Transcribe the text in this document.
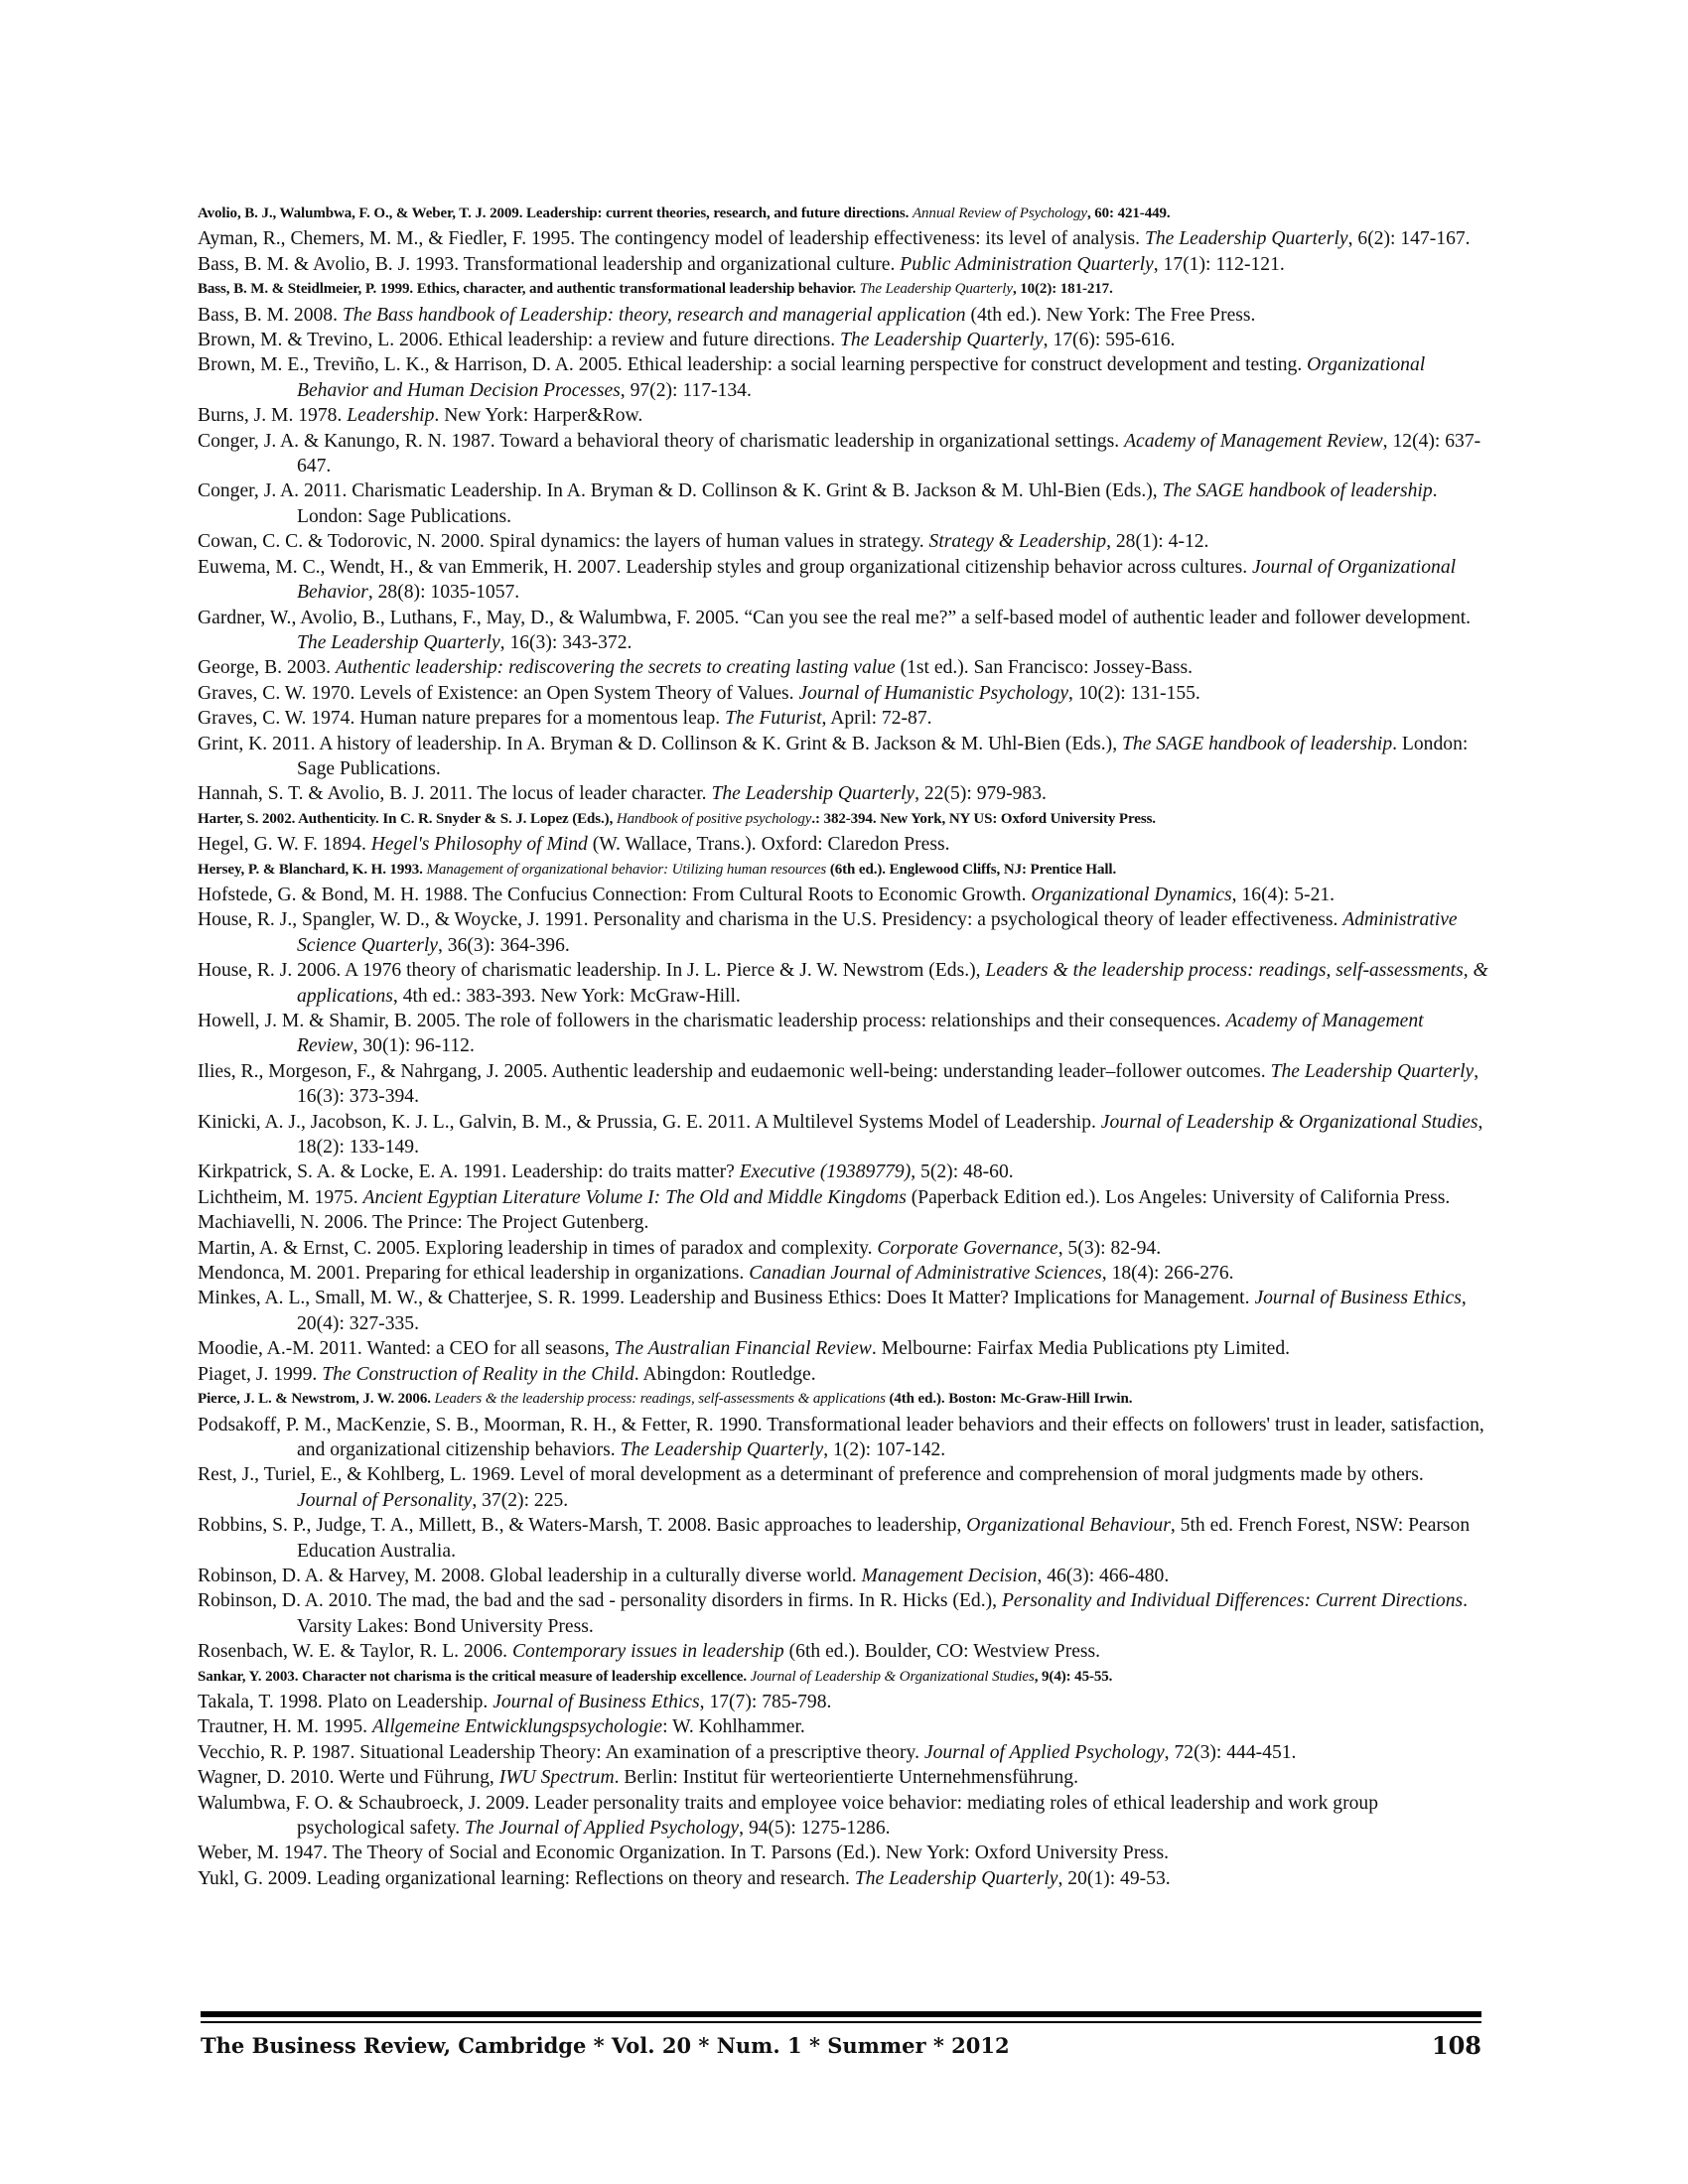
Avolio, B. J., Walumbwa, F. O., & Weber, T. J. 2009. Leadership: current theories, research, and future directions. Annual Review of Psychology, 60: 421-449.

Ayman, R., Chemers, M. M., & Fiedler, F. 1995. The contingency model of leadership effectiveness: its level of analysis. The Leadership Quarterly, 6(2): 147-167.

Bass, B. M. & Avolio, B. J. 1993. Transformational leadership and organizational culture. Public Administration Quarterly, 17(1): 112-121.

Bass, B. M. & Steidlmeier, P. 1999. Ethics, character, and authentic transformational leadership behavior. The Leadership Quarterly, 10(2): 181-217.

Bass, B. M. 2008. The Bass handbook of Leadership: theory, research and managerial application (4th ed.). New York: The Free Press.

Brown, M. & Trevino, L. 2006. Ethical leadership: a review and future directions. The Leadership Quarterly, 17(6): 595-616.

Brown, M. E., Treviño, L. K., & Harrison, D. A. 2005. Ethical leadership: a social learning perspective for construct development and testing. Organizational Behavior and Human Decision Processes, 97(2): 117-134.

Burns, J. M. 1978. Leadership. New York: Harper&Row.

Conger, J. A. & Kanungo, R. N. 1987. Toward a behavioral theory of charismatic leadership in organizational settings. Academy of Management Review, 12(4): 637-647.

Conger, J. A. 2011. Charismatic Leadership. In A. Bryman & D. Collinson & K. Grint & B. Jackson & M. Uhl-Bien (Eds.), The SAGE handbook of leadership. London: Sage Publications.

Cowan, C. C. & Todorovic, N. 2000. Spiral dynamics: the layers of human values in strategy. Strategy & Leadership, 28(1): 4-12.

Euwema, M. C., Wendt, H., & van Emmerik, H. 2007. Leadership styles and group organizational citizenship behavior across cultures. Journal of Organizational Behavior, 28(8): 1035-1057.

Gardner, W., Avolio, B., Luthans, F., May, D., & Walumbwa, F. 2005. “Can you see the real me?” a self-based model of authentic leader and follower development. The Leadership Quarterly, 16(3): 343-372.

George, B. 2003. Authentic leadership: rediscovering the secrets to creating lasting value (1st ed.). San Francisco: Jossey-Bass.

Graves, C. W. 1970. Levels of Existence: an Open System Theory of Values. Journal of Humanistic Psychology, 10(2): 131-155.

Graves, C. W. 1974. Human nature prepares for a momentous leap. The Futurist, April: 72-87.

Grint, K. 2011. A history of leadership. In A. Bryman & D. Collinson & K. Grint & B. Jackson & M. Uhl-Bien (Eds.), The SAGE handbook of leadership. London: Sage Publications.

Hannah, S. T. & Avolio, B. J. 2011. The locus of leader character. The Leadership Quarterly, 22(5): 979-983.

Harter, S. 2002. Authenticity. In C. R. Snyder & S. J. Lopez (Eds.), Handbook of positive psychology.: 382-394. New York, NY US: Oxford University Press.

Hegel, G. W. F. 1894. Hegel's Philosophy of Mind (W. Wallace, Trans.). Oxford: Claredon Press.

Hersey, P. & Blanchard, K. H. 1993. Management of organizational behavior: Utilizing human resources (6th ed.). Englewood Cliffs, NJ: Prentice Hall.

Hofstede, G. & Bond, M. H. 1988. The Confucius Connection: From Cultural Roots to Economic Growth. Organizational Dynamics, 16(4): 5-21.

House, R. J., Spangler, W. D., & Woycke, J. 1991. Personality and charisma in the U.S. Presidency: a psychological theory of leader effectiveness. Administrative Science Quarterly, 36(3): 364-396.

House, R. J. 2006. A 1976 theory of charismatic leadership. In J. L. Pierce & J. W. Newstrom (Eds.), Leaders & the leadership process: readings, self-assessments, & applications, 4th ed.: 383-393. New York: McGraw-Hill.

Howell, J. M. & Shamir, B. 2005. The role of followers in the charismatic leadership process: relationships and their consequences. Academy of Management Review, 30(1): 96-112.

Ilies, R., Morgeson, F., & Nahrgang, J. 2005. Authentic leadership and eudaemonic well-being: understanding leader–follower outcomes. The Leadership Quarterly, 16(3): 373-394.

Kinicki, A. J., Jacobson, K. J. L., Galvin, B. M., & Prussia, G. E. 2011. A Multilevel Systems Model of Leadership. Journal of Leadership & Organizational Studies, 18(2): 133-149.

Kirkpatrick, S. A. & Locke, E. A. 1991. Leadership: do traits matter? Executive (19389779), 5(2): 48-60.

Lichtheim, M. 1975. Ancient Egyptian Literature Volume I: The Old and Middle Kingdoms (Paperback Edition ed.). Los Angeles: University of California Press.

Machiavelli, N. 2006. The Prince: The Project Gutenberg.

Martin, A. & Ernst, C. 2005. Exploring leadership in times of paradox and complexity. Corporate Governance, 5(3): 82-94.

Mendonca, M. 2001. Preparing for ethical leadership in organizations. Canadian Journal of Administrative Sciences, 18(4): 266-276.

Minkes, A. L., Small, M. W., & Chatterjee, S. R. 1999. Leadership and Business Ethics: Does It Matter? Implications for Management. Journal of Business Ethics, 20(4): 327-335.

Moodie, A.-M. 2011. Wanted: a CEO for all seasons, The Australian Financial Review. Melbourne: Fairfax Media Publications pty Limited.

Piaget, J. 1999. The Construction of Reality in the Child. Abingdon: Routledge.

Pierce, J. L. & Newstrom, J. W. 2006. Leaders & the leadership process: readings, self-assessments & applications (4th ed.). Boston: Mc-Graw-Hill Irwin.

Podsakoff, P. M., MacKenzie, S. B., Moorman, R. H., & Fetter, R. 1990. Transformational leader behaviors and their effects on followers' trust in leader, satisfaction, and organizational citizenship behaviors. The Leadership Quarterly, 1(2): 107-142.

Rest, J., Turiel, E., & Kohlberg, L. 1969. Level of moral development as a determinant of preference and comprehension of moral judgments made by others. Journal of Personality, 37(2): 225.

Robbins, S. P., Judge, T. A., Millett, B., & Waters-Marsh, T. 2008. Basic approaches to leadership, Organizational Behaviour, 5th ed. French Forest, NSW: Pearson Education Australia.

Robinson, D. A. & Harvey, M. 2008. Global leadership in a culturally diverse world. Management Decision, 46(3): 466-480.

Robinson, D. A. 2010. The mad, the bad and the sad - personality disorders in firms. In R. Hicks (Ed.), Personality and Individual Differences: Current Directions. Varsity Lakes: Bond University Press.

Rosenbach, W. E. & Taylor, R. L. 2006. Contemporary issues in leadership (6th ed.). Boulder, CO: Westview Press.

Sankar, Y. 2003. Character not charisma is the critical measure of leadership excellence. Journal of Leadership & Organizational Studies, 9(4): 45-55.

Takala, T. 1998. Plato on Leadership. Journal of Business Ethics, 17(7): 785-798.

Trautner, H. M. 1995. Allgemeine Entwicklungspsychologie: W. Kohlhammer.

Vecchio, R. P. 1987. Situational Leadership Theory: An examination of a prescriptive theory. Journal of Applied Psychology, 72(3): 444-451.

Wagner, D. 2010. Werte und Führung, IWU Spectrum. Berlin: Institut für werteorientierte Unternehmensführung.

Walumbwa, F. O. & Schaubroeck, J. 2009. Leader personality traits and employee voice behavior: mediating roles of ethical leadership and work group psychological safety. The Journal of Applied Psychology, 94(5): 1275-1286.

Weber, M. 1947. The Theory of Social and Economic Organization. In T. Parsons (Ed.). New York: Oxford University Press.

Yukl, G. 2009. Leading organizational learning: Reflections on theory and research. The Leadership Quarterly, 20(1): 49-53.

The Business Review, Cambridge * Vol. 20 * Num. 1 * Summer * 2012	108
